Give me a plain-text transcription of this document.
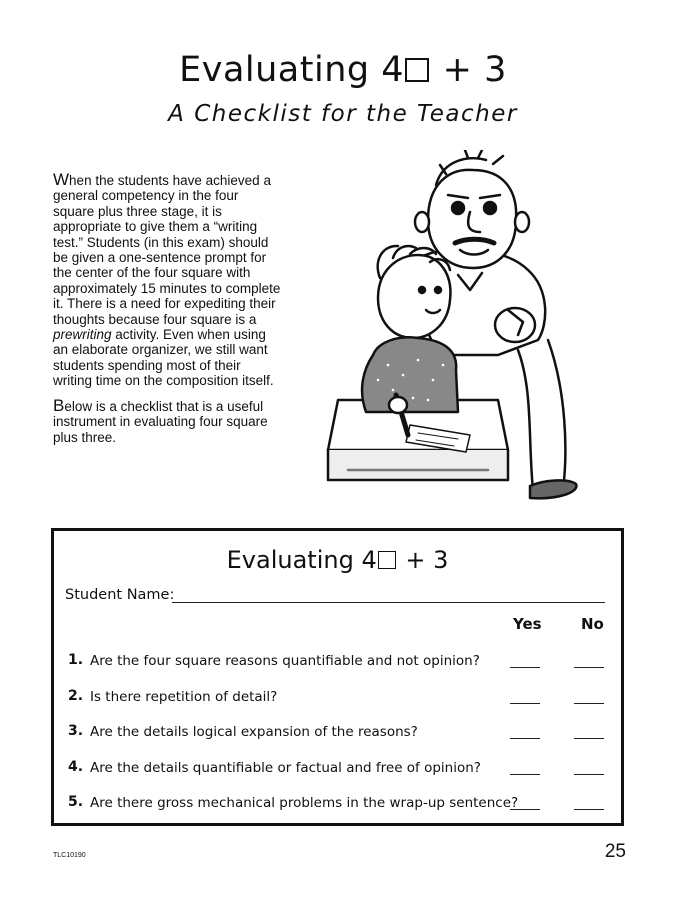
Evaluating 4 + 3
A Checklist for the Teacher

When the students have achieved a general competency in the four square plus three stage, it is appropriate to give them a “writing test.” Students (in this exam) should be given a one-sentence prompt for the center of the four square with approximately 15 minutes to complete it. There is a need for expediting their thoughts because four square is a prewriting activity. Even when using an elaborate organizer, we still want students spending most of their writing time on the composition itself.

Below is a checklist that is a useful instrument in evaluating four square plus three.

Evaluating 4 + 3
Student Name:
Yes	No
1. Are the four square reasons quantifiable and not opinion?
2. Is there repetition of detail?
3. Are the details logical expansion of the reasons?
4. Are the details quantifiable or factual and free of opinion?
5. Are there gross mechanical problems in the wrap-up sentence?
TLC10190	25
